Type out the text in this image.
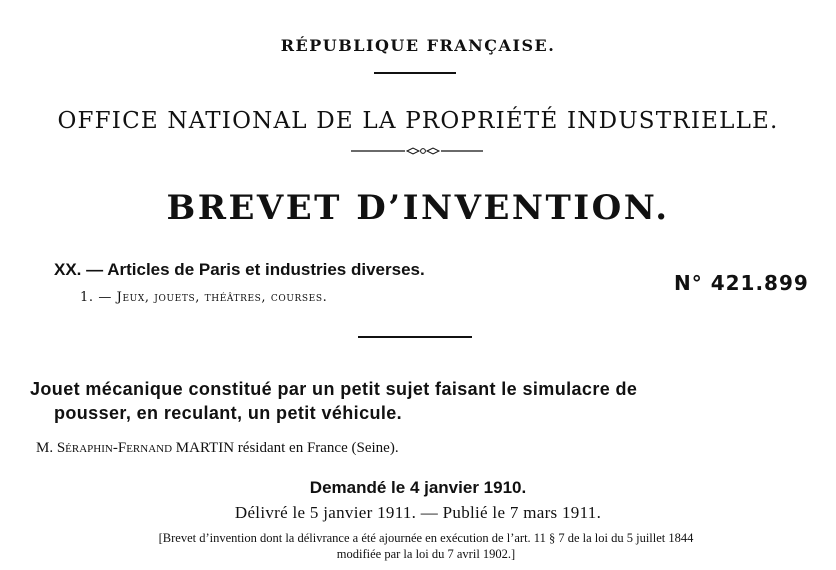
RÉPUBLIQUE FRANÇAISE.
OFFICE NATIONAL DE LA PROPRIÉTÉ INDUSTRIELLE.
BREVET D’INVENTION.
XX. — Articles de Paris et industries diverses.
1. — Jeux, jouets, théâtres, courses.
N° 421.899
Jouet mécanique constitué par un petit sujet faisant le simulacre de
pousser, en reculant, un petit véhicule.
M. Séraphin-Fernand MARTIN résidant en France (Seine).
Demandé le 4 janvier 1910.
Délivré le 5 janvier 1911. — Publié le 7 mars 1911.
[Brevet d’invention dont la délivrance a été ajournée en exécution de l’art. 11 § 7 de la loi du 5 juillet 1844
modifiée par la loi du 7 avril 1902.]
